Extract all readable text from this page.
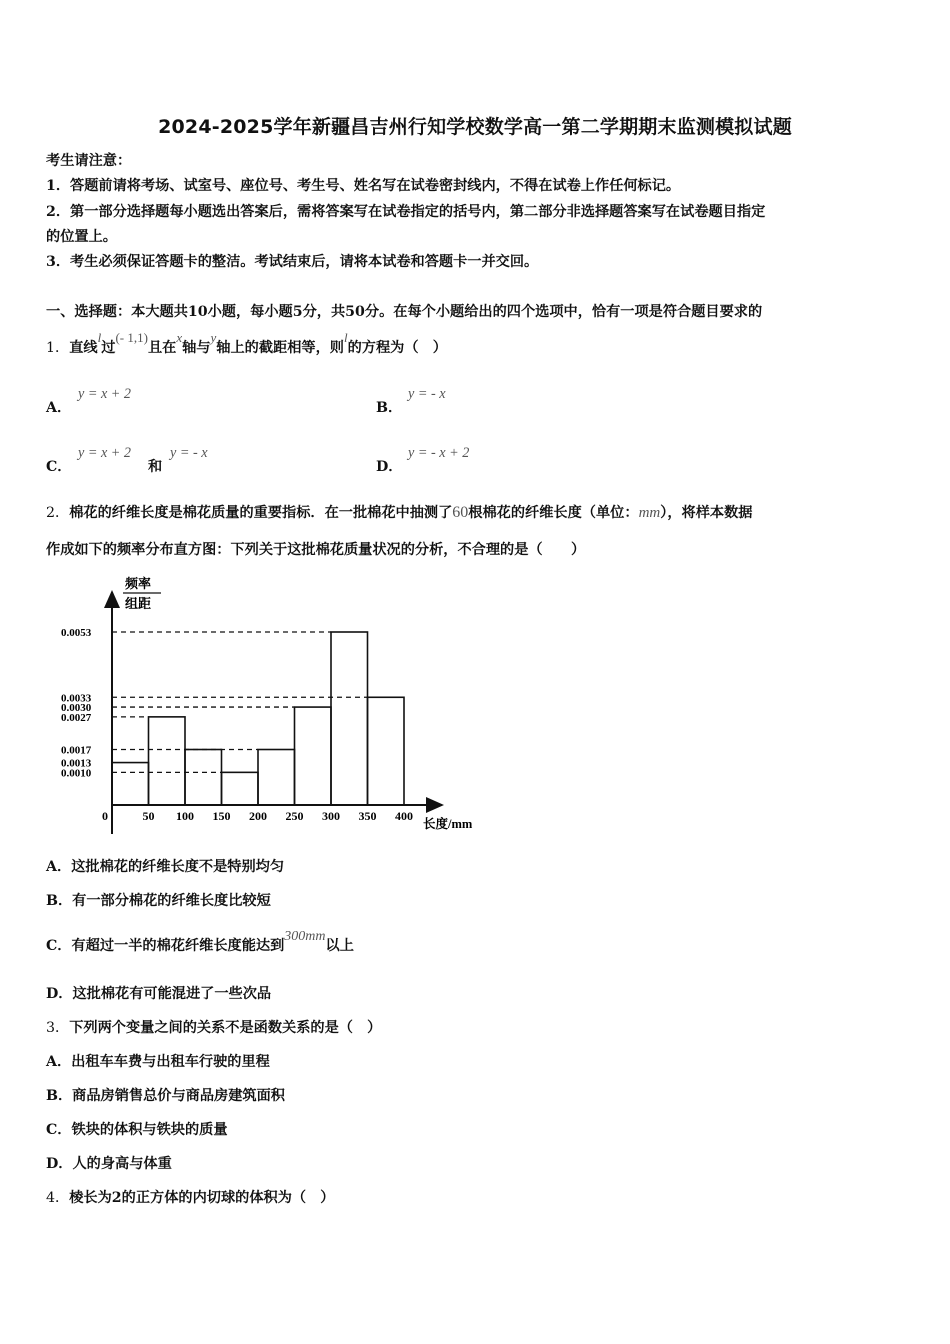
2024-2025学年新疆昌吉州行知学校数学高一第二学期期末监测模拟试题
考生请注意：
1．答题前请将考场、试室号、座位号、考生号、姓名写在试卷密封线内，不得在试卷上作任何标记。
2．第一部分选择题每小题选出答案后，需将答案写在试卷指定的括号内，第二部分非选择题答案写在试卷题目指定
的位置上。
3．考生必须保证答题卡的整洁。考试结束后，请将本试卷和答题卡一并交回。
一、选择题：本大题共10小题，每小题5分，共50分。在每个小题给出的四个选项中，恰有一项是符合题目要求的
1．直线l过(- 1,1)且在x轴与y轴上的截距相等，则l的方程为（　）
A．
y = x + 2
B．
y = - x
C．
y = x + 2
和
y = - x
D．
y = - x + 2
2．棉花的纤维长度是棉花质量的重要指标．在一批棉花中抽测了60根棉花的纤维长度（单位：mm），将样本数据
作成如下的频率分布直方图：下列关于这批棉花质量状况的分析，不合理的是（　　）
频率
组距
0
长度/mm
0.0053
0.0033
0.0030
0.0027
0.0017
0.0013
0.0010
50 100 150 200 250 300 350 400
A．这批棉花的纤维长度不是特别均匀
B．有一部分棉花的纤维长度比较短
C．有超过一半的棉花纤维长度能达到300mm以上
D．这批棉花有可能混进了一些次品
3．下列两个变量之间的关系不是函数关系的是（　）
A．出租车车费与出租车行驶的里程
B．商品房销售总价与商品房建筑面积
C．铁块的体积与铁块的质量
D．人的身高与体重
4．棱长为2的正方体的内切球的体积为（　）
